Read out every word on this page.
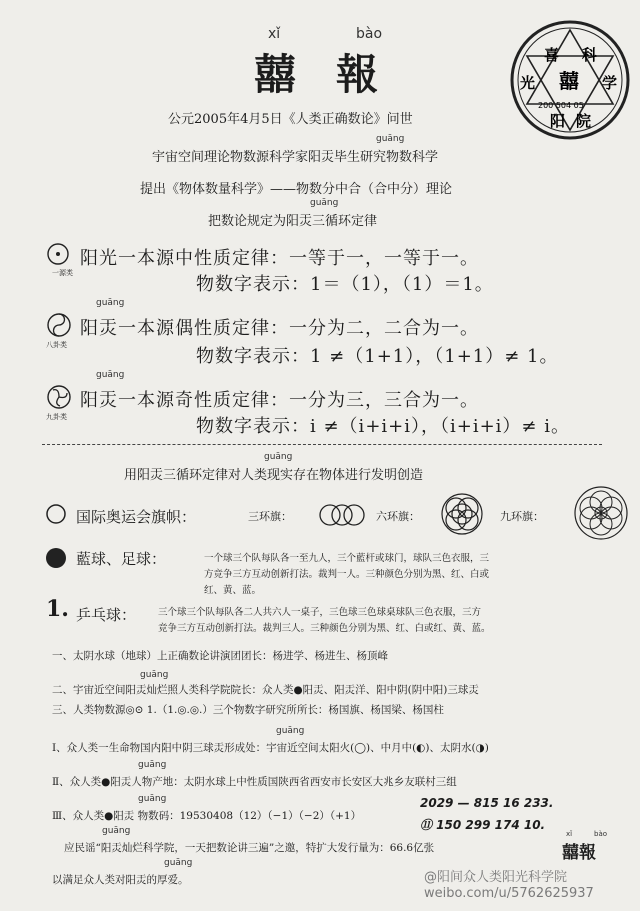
xǐ	bào
囍報	喜 科
光 囍 学
阳 院
200 504 05
公元2005年4月5日《人类正确数论》问世
guāng
宇宙空间理论物数源科学家阳㶣毕生研究物数科学
提出《物体数量科学》——物数分中合（合中分）理论
guāng
把数论规定为阳㶣三循环定律
一源类
阳光一本源中性质定律：一等于一，一等于一。
物数字表示：1＝（1），（1）＝1。
八卦类
guāng
阳㶣一本源偶性质定律：一分为二，二合为一。
物数字表示：1 ≠（1+1），（1+1）≠ 1。
九卦类
guāng
阳㶣一本源奇性质定律：一分为三，三合为一。
物数字表示：i ≠（i+i+i），（i+i+i）≠ i。
guāng
用阳㶣三循环定律对人类现实存在物体进行发明创造
国际奥运会旗帜：	三环旗：	六环旗：	九环旗：
藍球、足球：	一个球三个队每队各一至九人，三个藍杆或球门，球队三色衣服，三
方竞争三方互动创新打法。裁判一人。三种颜色分别为黑、红、白或
红、黄、蓝。
1. 乒乓球： 三个球三个队每队各二人共六人一桌子，三色球三色球桌球队三色衣服，三方
竞争三方互动创新打法。裁判三人。三种颜色分别为黑、红、白或红、黄、蓝。
一、太阴水球（地球）上正确数论讲演团团长：杨进学、杨进生、杨顶峰
guāng
二、宇宙近空间阳㶣灿烂照人类科学院院长：众人类●阳㶣、阳㶣洋、阳中阴(阴中阳)三球㶣
三、人类物数源◎⊙ 1.（1.◎.◎.）三个物数字研究所所长：杨国旗、杨国梁、杨国柱
guāng
Ⅰ、众人类一生命物国内阳中阴三球㶣形成处：宇宙近空间太阳火(◯)、中月中(◐)、太阴水(◑)
guāng
Ⅱ、众人类●阳㶣人物产地：太阴水球上中性质国陕西省西安市长安区大兆乡友联村三组
guāng
Ⅲ、众人类●阳㶣 物数码：19530408（12）（−1）（−2）（+1）
2029 — 815 16 233.
⑪ 150 299 174 10.
guāng
应民谣“阳㶣灿烂科学院，一天把数论讲三遍”之邀，特扩大发行量为：66.6亿张
xǐ	bào
囍報
guāng
以满足众人类对阳㶣的厚爱。	@阳间众人类阳光科学院
weibo.com/u/5762625937
